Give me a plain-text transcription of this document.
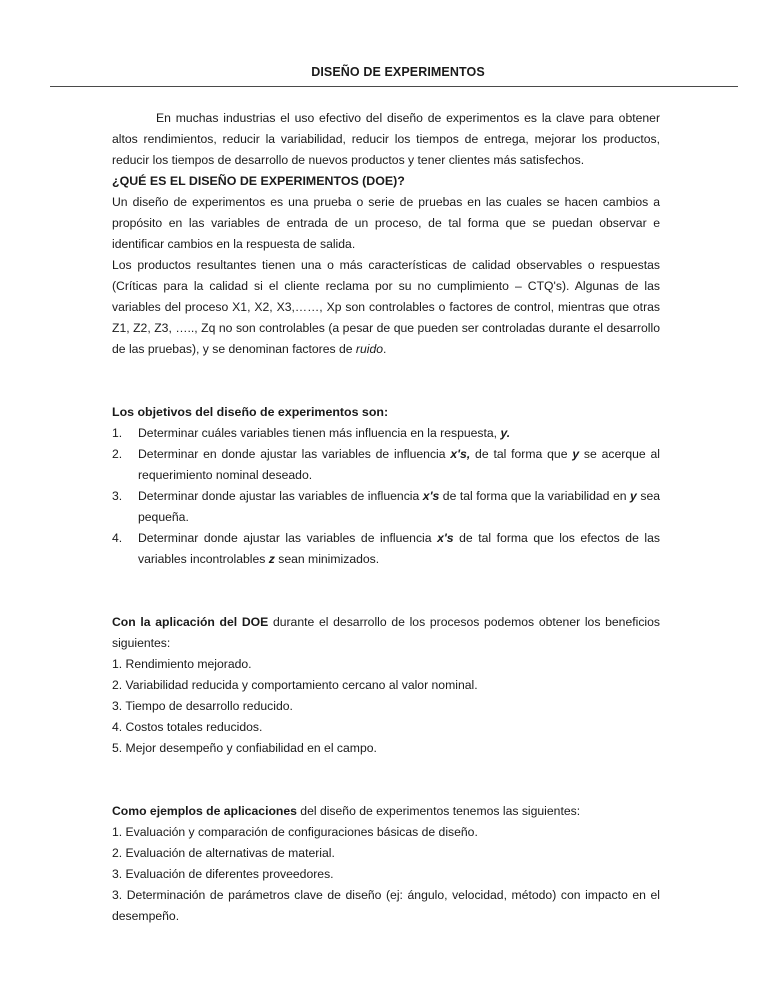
DISEÑO DE EXPERIMENTOS

En muchas industrias el uso efectivo del diseño de experimentos es la clave para obtener altos rendimientos, reducir la variabilidad, reducir los tiempos de entrega, mejorar los productos, reducir los tiempos de desarrollo de nuevos productos y tener clientes más satisfechos.

¿QUÉ ES EL DISEÑO DE EXPERIMENTOS (DOE)?

Un diseño de experimentos es una prueba o serie de pruebas en las cuales se hacen cambios a propósito en las variables de entrada de un proceso, de tal forma que se puedan observar e identificar cambios en la respuesta de salida.

Los productos resultantes tienen una o más características de calidad observables o respuestas (Críticas para la calidad si el cliente reclama por su no cumplimiento – CTQ's). Algunas de las variables del proceso X1, X2, X3,……, Xp son controlables o factores de control, mientras que otras Z1, Z2, Z3, ….., Zq no son controlables (a pesar de que pueden ser controladas durante el desarrollo de las pruebas), y se denominan factores de ruido.

Los objetivos del diseño de experimentos son:

1.	Determinar cuáles variables tienen más influencia en la respuesta, y.
2.	Determinar en donde ajustar las variables de influencia x's, de tal forma que y se acerque al requerimiento nominal deseado.
3.	Determinar donde ajustar las variables de influencia x's de tal forma que la variabilidad en y sea pequeña.
4.	Determinar donde ajustar las variables de influencia x's de tal forma que los efectos de las variables incontrolables z sean minimizados.

Con la aplicación del DOE durante el desarrollo de los procesos podemos obtener los beneficios siguientes:

1. Rendimiento mejorado.
2. Variabilidad reducida y comportamiento cercano al valor nominal.
3. Tiempo de desarrollo reducido.
4. Costos totales reducidos.
5. Mejor desempeño y confiabilidad en el campo.

Como ejemplos de aplicaciones del diseño de experimentos tenemos las siguientes:

1. Evaluación y comparación de configuraciones básicas de diseño.
2. Evaluación de alternativas de material.
3. Evaluación de diferentes proveedores.
3. Determinación de parámetros clave de diseño (ej: ángulo, velocidad, método) con impacto en el desempeño.
